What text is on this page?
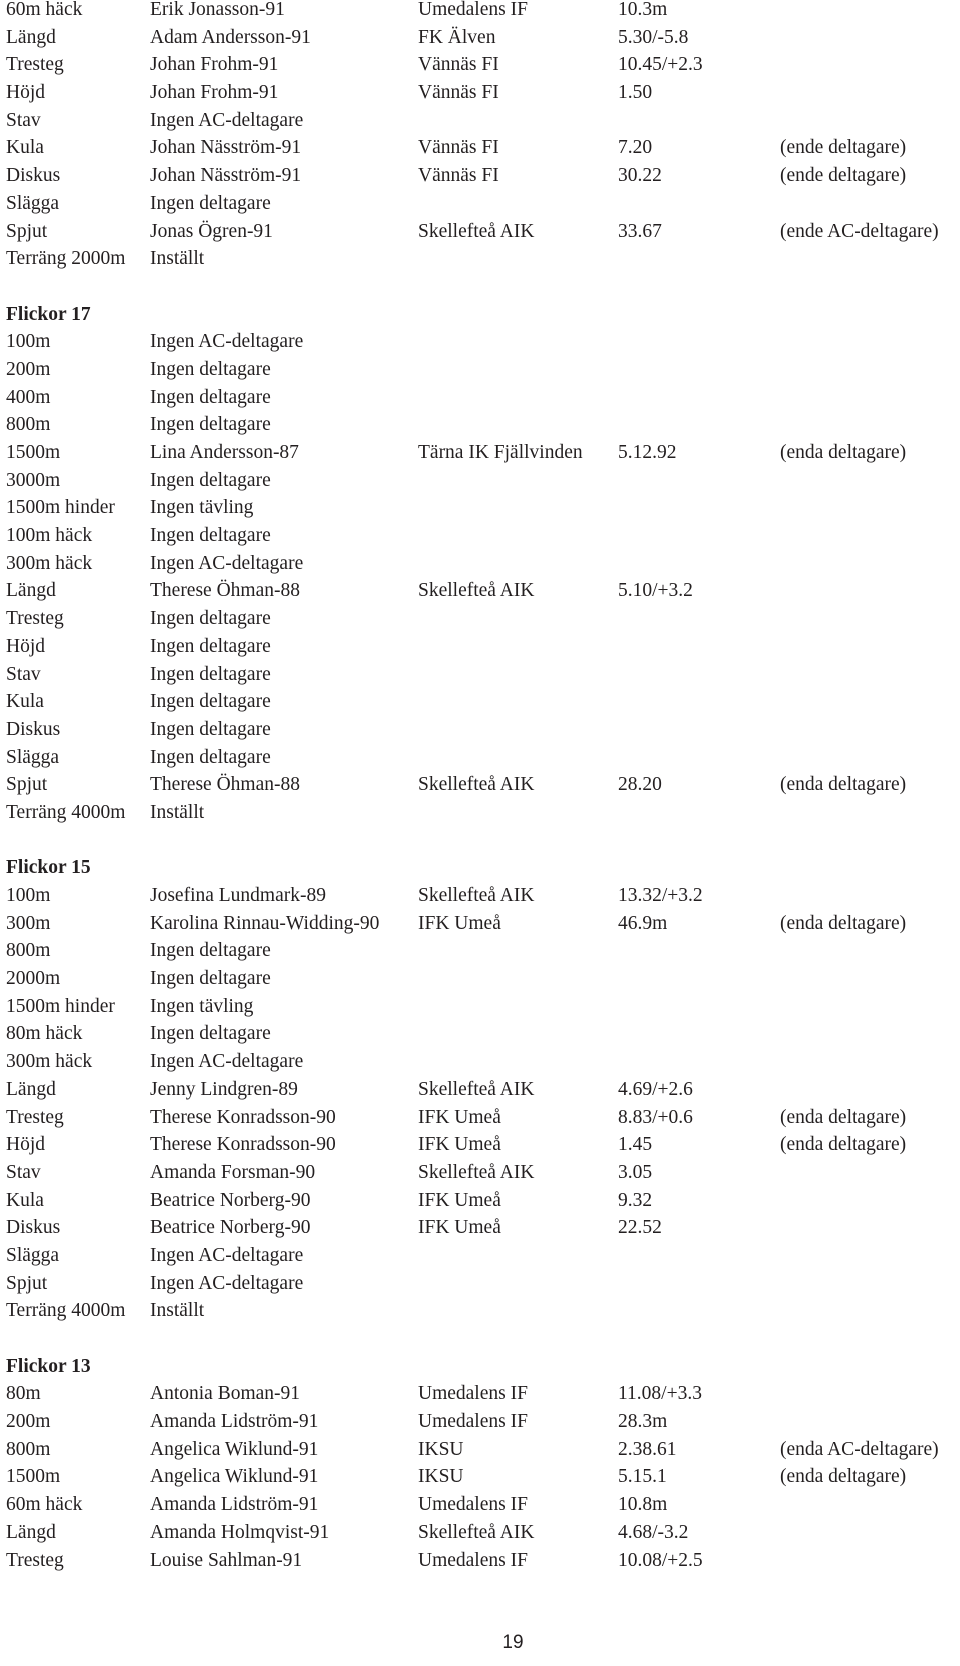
60m häck	Erik Jonasson-91	Umedalens IF	10.3m
Längd	Adam Andersson-91	FK Älven	5.30/-5.8
Tresteg	Johan Frohm-91	Vännäs FI	10.45/+2.3
Höjd	Johan Frohm-91	Vännäs FI	1.50
Stav	Ingen AC-deltagare
Kula	Johan Näsström-91	Vännäs FI	7.20	(ende deltagare)
Diskus	Johan Näsström-91	Vännäs FI	30.22	(ende deltagare)
Slägga	Ingen deltagare
Spjut	Jonas Ögren-91	Skellefteå AIK	33.67	(ende AC-deltagare)
Terräng 2000m Inställt
Flickor 17
100m	Ingen AC-deltagare
200m	Ingen deltagare
400m	Ingen deltagare
800m	Ingen deltagare
1500m	Lina Andersson-87	Tärna IK Fjällvinden 5.12.92	(enda deltagare)
3000m	Ingen deltagare
1500m hinder Ingen tävling
100m häck	Ingen deltagare
300m häck	Ingen AC-deltagare
Längd	Therese Öhman-88	Skellefteå AIK	5.10/+3.2
Tresteg	Ingen deltagare
Höjd	Ingen deltagare
Stav	Ingen deltagare
Kula	Ingen deltagare
Diskus	Ingen deltagare
Slägga	Ingen deltagare
Spjut	Therese Öhman-88	Skellefteå AIK	28.20	(enda deltagare)
Terräng 4000m Inställt
Flickor 15
100m	Josefina Lundmark-89	Skellefteå AIK	13.32/+3.2
300m	Karolina Rinnau-Widding-90 IFK Umeå	46.9m	(enda deltagare)
800m	Ingen deltagare
2000m	Ingen deltagare
1500m hinder Ingen tävling
80m häck	Ingen deltagare
300m häck	Ingen AC-deltagare
Längd	Jenny Lindgren-89	Skellefteå AIK	4.69/+2.6
Tresteg	Therese Konradsson-90	IFK Umeå	8.83/+0.6	(enda deltagare)
Höjd	Therese Konradsson-90	IFK Umeå	1.45	(enda deltagare)
Stav	Amanda Forsman-90	Skellefteå AIK	3.05
Kula	Beatrice Norberg-90	IFK Umeå	9.32
Diskus	Beatrice Norberg-90	IFK Umeå	22.52
Slägga	Ingen AC-deltagare
Spjut	Ingen AC-deltagare
Terräng 4000m Inställt
Flickor 13
80m	Antonia Boman-91	Umedalens IF	11.08/+3.3
200m	Amanda Lidström-91	Umedalens IF	28.3m
800m	Angelica Wiklund-91	IKSU	2.38.61	(enda AC-deltagare)
1500m	Angelica Wiklund-91	IKSU	5.15.1	(enda deltagare)
60m häck	Amanda Lidström-91	Umedalens IF	10.8m
Längd	Amanda Holmqvist-91	Skellefteå AIK	4.68/-3.2
Tresteg	Louise Sahlman-91	Umedalens IF	10.08/+2.5
19
